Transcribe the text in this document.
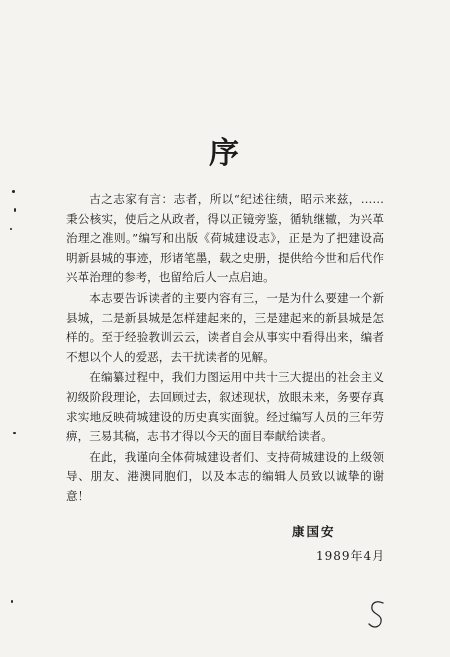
序

古之志家有言：志者，所以“纪述往绩，昭示来兹，……秉公核实，使后之从政者，得以正镜旁鉴，循轨继辙，为兴革治理之准则。”编写和出版《荷城建设志》，正是为了把建设高明新县城的事迹，形诸笔墨，载之史册，提供给今世和后代作兴革治理的参考，也留给后人一点启迪。

本志要告诉读者的主要内容有三，一是为什么要建一个新县城，二是新县城是怎样建起来的，三是建起来的新县城是怎样的。至于经验教训云云，读者自会从事实中看得出来，编者不想以个人的爱恶，去干扰读者的见解。

在编纂过程中，我们力图运用中共十三大提出的社会主义初级阶段理论，去回顾过去，叙述现状，放眼未来，务要存真求实地反映荷城建设的历史真实面貌。经过编写人员的三年劳痹，三易其稿，志书才得以今天的面目奉献给读者。

在此，我谨向全体荷城建设者们、支持荷城建设的上级领导、朋友、港澳同胞们，以及本志的编辑人员致以诚挚的谢意！

康国安
1989年4月
